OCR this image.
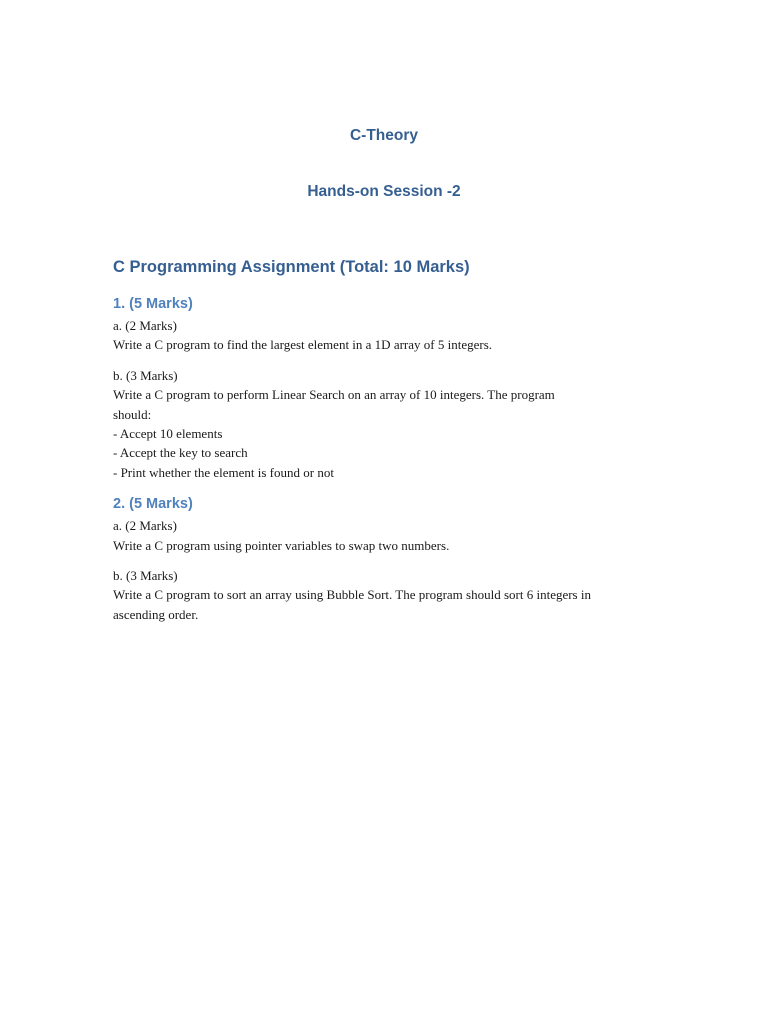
C-Theory
Hands-on Session -2
C Programming Assignment (Total: 10 Marks)
1. (5 Marks)
a. (2 Marks)
Write a C program to find the largest element in a 1D array of 5 integers.
b. (3 Marks)
Write a C program to perform Linear Search on an array of 10 integers. The program
should:
- Accept 10 elements
- Accept the key to search
- Print whether the element is found or not
2. (5 Marks)
a. (2 Marks)
Write a C program using pointer variables to swap two numbers.
b. (3 Marks)
Write a C program to sort an array using Bubble Sort. The program should sort 6 integers in
ascending order.
